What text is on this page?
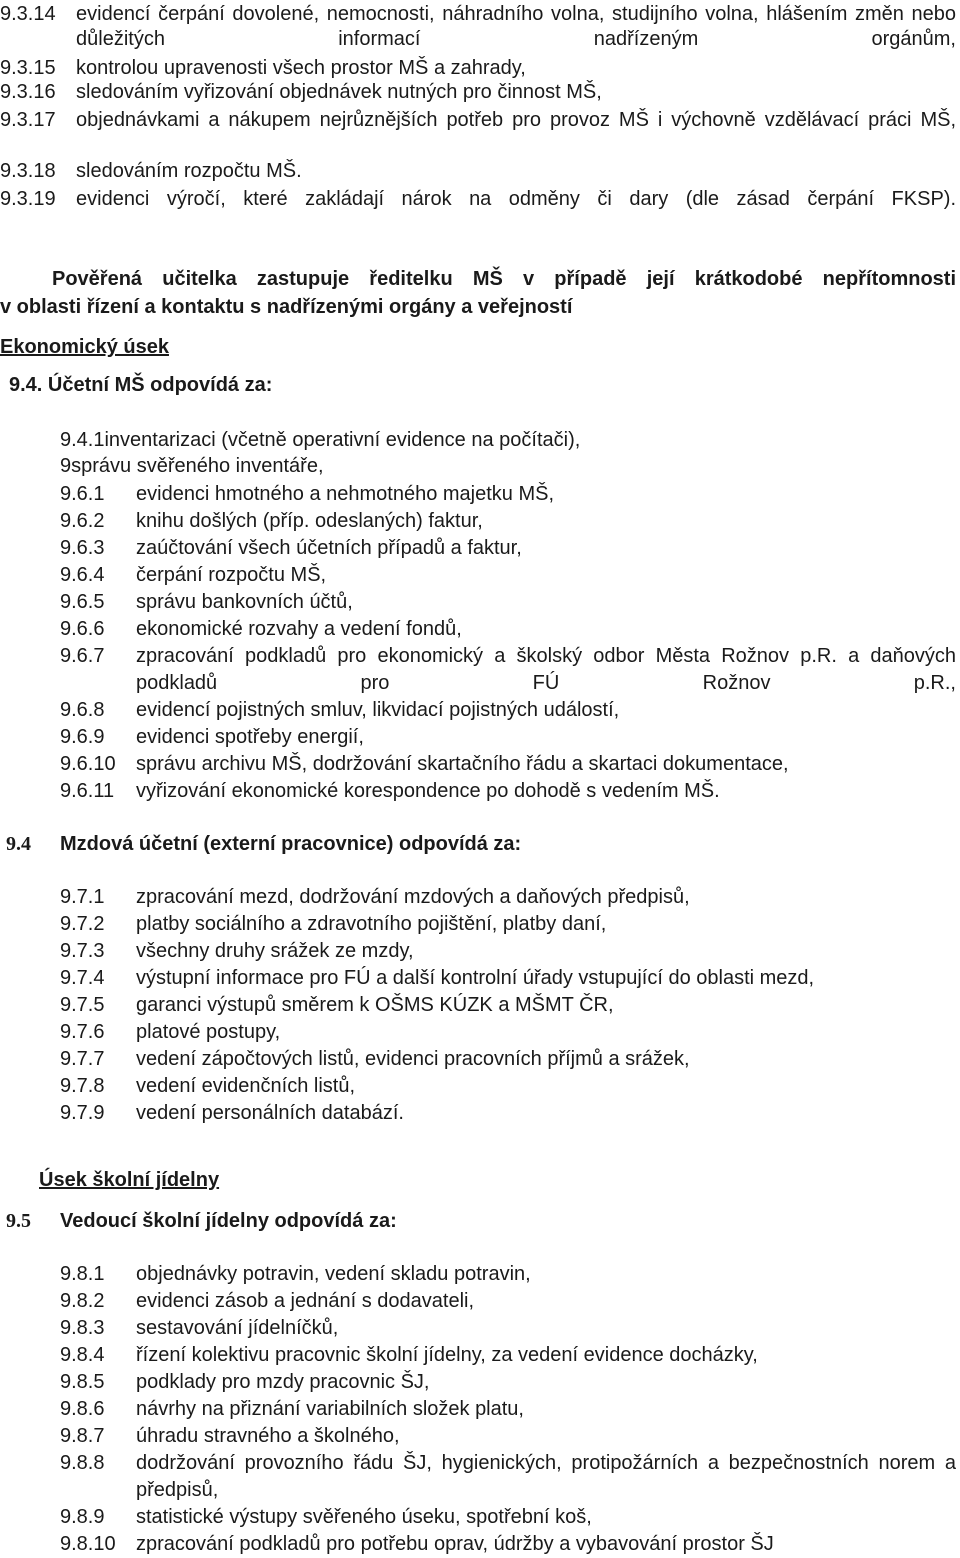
9.3.14	evidencí čerpání dovolené, nemocnosti, náhradního volna, studijního volna, hlášením změn nebo důležitých informací nadřízeným orgánům,
9.3.15	kontrolou upravenosti všech prostor MŠ a zahrady,
9.3.16	sledováním vyřizování objednávek nutných pro činnost MŠ,
9.3.17	objednávkami a nákupem nejrůznějších potřeb pro provoz MŠ i výchovně vzdělávací práci MŠ,
9.3.18	sledováním rozpočtu MŠ.
9.3.19	evidenci výročí, které zakládají nárok na odměny či dary (dle zásad čerpání FKSP).
Pověřená učitelka zastupuje ředitelku MŠ v případě její krátkodobé nepřítomnosti
v oblasti řízení a kontaktu s nadřízenými orgány a veřejností
Ekonomický úsek
9.4. Účetní MŠ odpovídá za:
9.4.1inventarizaci (včetně operativní evidence na počítači),
9správu svěřeného inventáře,
9.6.1	evidenci hmotného a nehmotného majetku MŠ,
9.6.2	knihu došlých (příp. odeslaných) faktur,
9.6.3	zaúčtování všech účetních případů a faktur,
9.6.4	čerpání rozpočtu MŠ,
9.6.5	správu bankovních účtů,
9.6.6	ekonomické rozvahy a vedení fondů,
9.6.7	zpracování podkladů pro ekonomický a školský odbor Města Rožnov p.R. a daňových podkladů pro FÚ Rožnov p.R.,
9.6.8	evidencí pojistných smluv, likvidací pojistných událostí,
9.6.9	evidenci spotřeby energií,
9.6.10	správu archivu MŠ, dodržování skartačního řádu a skartaci dokumentace,
9.6.11	vyřizování ekonomické korespondence po dohodě s vedením MŠ.
9.4 Mzdová účetní (externí pracovnice) odpovídá za:
9.7.1	zpracování mezd, dodržování mzdových a daňových předpisů,
9.7.2	platby sociálního a zdravotního pojištění, platby daní,
9.7.3	všechny druhy srážek ze mzdy,
9.7.4	výstupní informace pro FÚ a další kontrolní úřady vstupující do oblasti mezd,
9.7.5	garanci výstupů směrem k OŠMS KÚZK a MŠMT ČR,
9.7.6	platové postupy,
9.7.7	vedení zápočtových listů, evidenci pracovních příjmů a srážek,
9.7.8	vedení evidenčních listů,
9.7.9	vedení personálních databází.
Úsek školní jídelny
9.5 Vedoucí školní jídelny odpovídá za:
9.8.1	objednávky potravin, vedení skladu potravin,
9.8.2	evidenci zásob a jednání s dodavateli,
9.8.3	sestavování jídelníčků,
9.8.4	řízení kolektivu pracovnic školní jídelny, za vedení evidence docházky,
9.8.5	podklady pro mzdy pracovnic ŠJ,
9.8.6	návrhy na přiznání variabilních složek platu,
9.8.7	úhradu stravného a školného,
9.8.8	dodržování provozního řádu ŠJ, hygienických, protipožárních a bezpečnostních norem a předpisů,
9.8.9	statistické výstupy svěřeného úseku, spotřební koš,
9.8.10	zpracování podkladů pro potřebu oprav, údržby a vybavování prostor ŠJ
